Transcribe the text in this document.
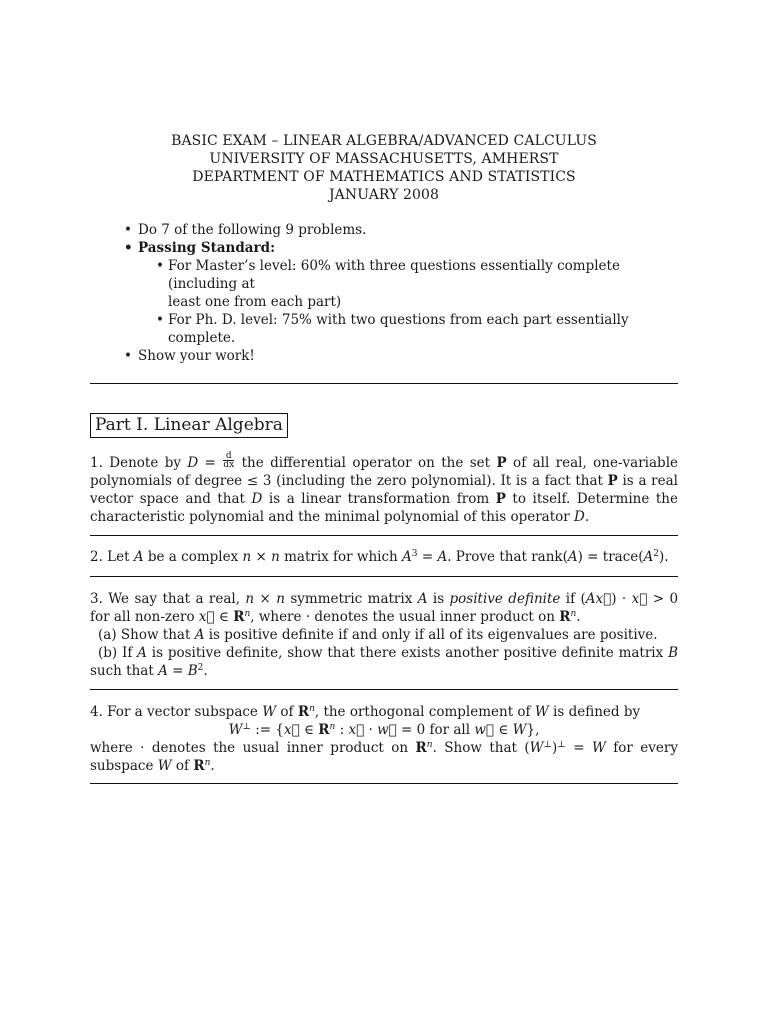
BASIC EXAM – LINEAR ALGEBRA/ADVANCED CALCULUS
UNIVERSITY OF MASSACHUSETTS, AMHERST
DEPARTMENT OF MATHEMATICS AND STATISTICS
JANUARY 2008
• Do 7 of the following 9 problems.
• Passing Standard:
• For Master’s level: 60% with three questions essentially complete (including at
least one from each part)
• For Ph. D. level: 75% with two questions from each part essentially complete.
• Show your work!
Part I. Linear Algebra

1. Denote by $D = \frac{d}{dx}$ the differential operator on the set P of all real, one-variable polynomials of degree ≤ 3 (including the zero polynomial). It is a fact that P is a real vector space and that D is a linear transformation from P to itself. Determine the characteristic polynomial and the minimal polynomial of this operator D.

2. Let A be a complex n × n matrix for which $A^3 = A$. Prove that rank(A) = $trace(A^2)$.

3. We say that a real, n × n symmetric matrix A is positive definite if (Ax⃗) · x⃗ > 0 for all non-zero x⃗ ∈ $R^n$, where · denotes the usual inner product on $R^n$.

(a) Show that A is positive definite if and only if all of its eigenvalues are positive.

(b) If A is positive definite, show that there exists another positive definite matrix B such that $A = B^2$.

4. For a vector subspace W of $R^n$, the orthogonal complement of W is defined by

W⊥ := {x⃗ ∈ $R^n$ : x⃗ · w⃗ = 0 for all w⃗ ∈ W},

where · denotes the usual inner product on $R^n$. Show that (W⊥)⊥ = W for every subspace W of $R^n$.
